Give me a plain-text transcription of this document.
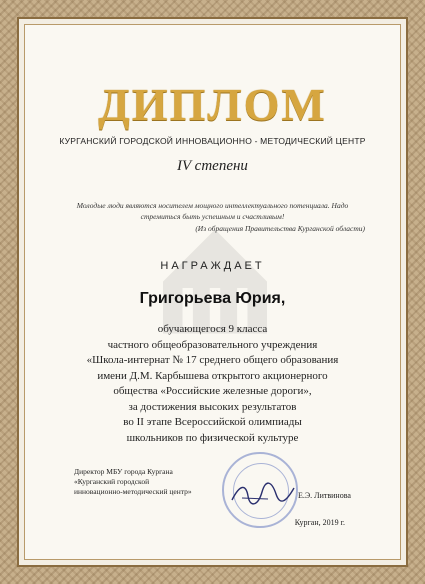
ДИПЛОМ
КУРГАНСКИЙ ГОРОДСКОЙ ИННОВАЦИОННО - МЕТОДИЧЕСКИЙ ЦЕНТР
IV степени
Молодые люди являются носителем мощного интеллектуального потенциала. Надо стремиться быть успешным и счастливым!
(Из обращения Правительства Курганской области)
НАГРАЖДАЕТ
Григорьева Юрия,
обучающегося 9 класса
частного общеобразовательного учреждения
«Школа-интернат № 17 среднего общего образования
имени Д.М. Карбышева открытого акционерного
общества «Российские железные дороги»,
за достижения высоких результатов
во II этапе Всероссийской олимпиады
школьников по физической культуре
Директор МБУ города Кургана
«Курганский городской
инновационно-методический центр»	Е.Э. Литвинова
Курган, 2019 г.
